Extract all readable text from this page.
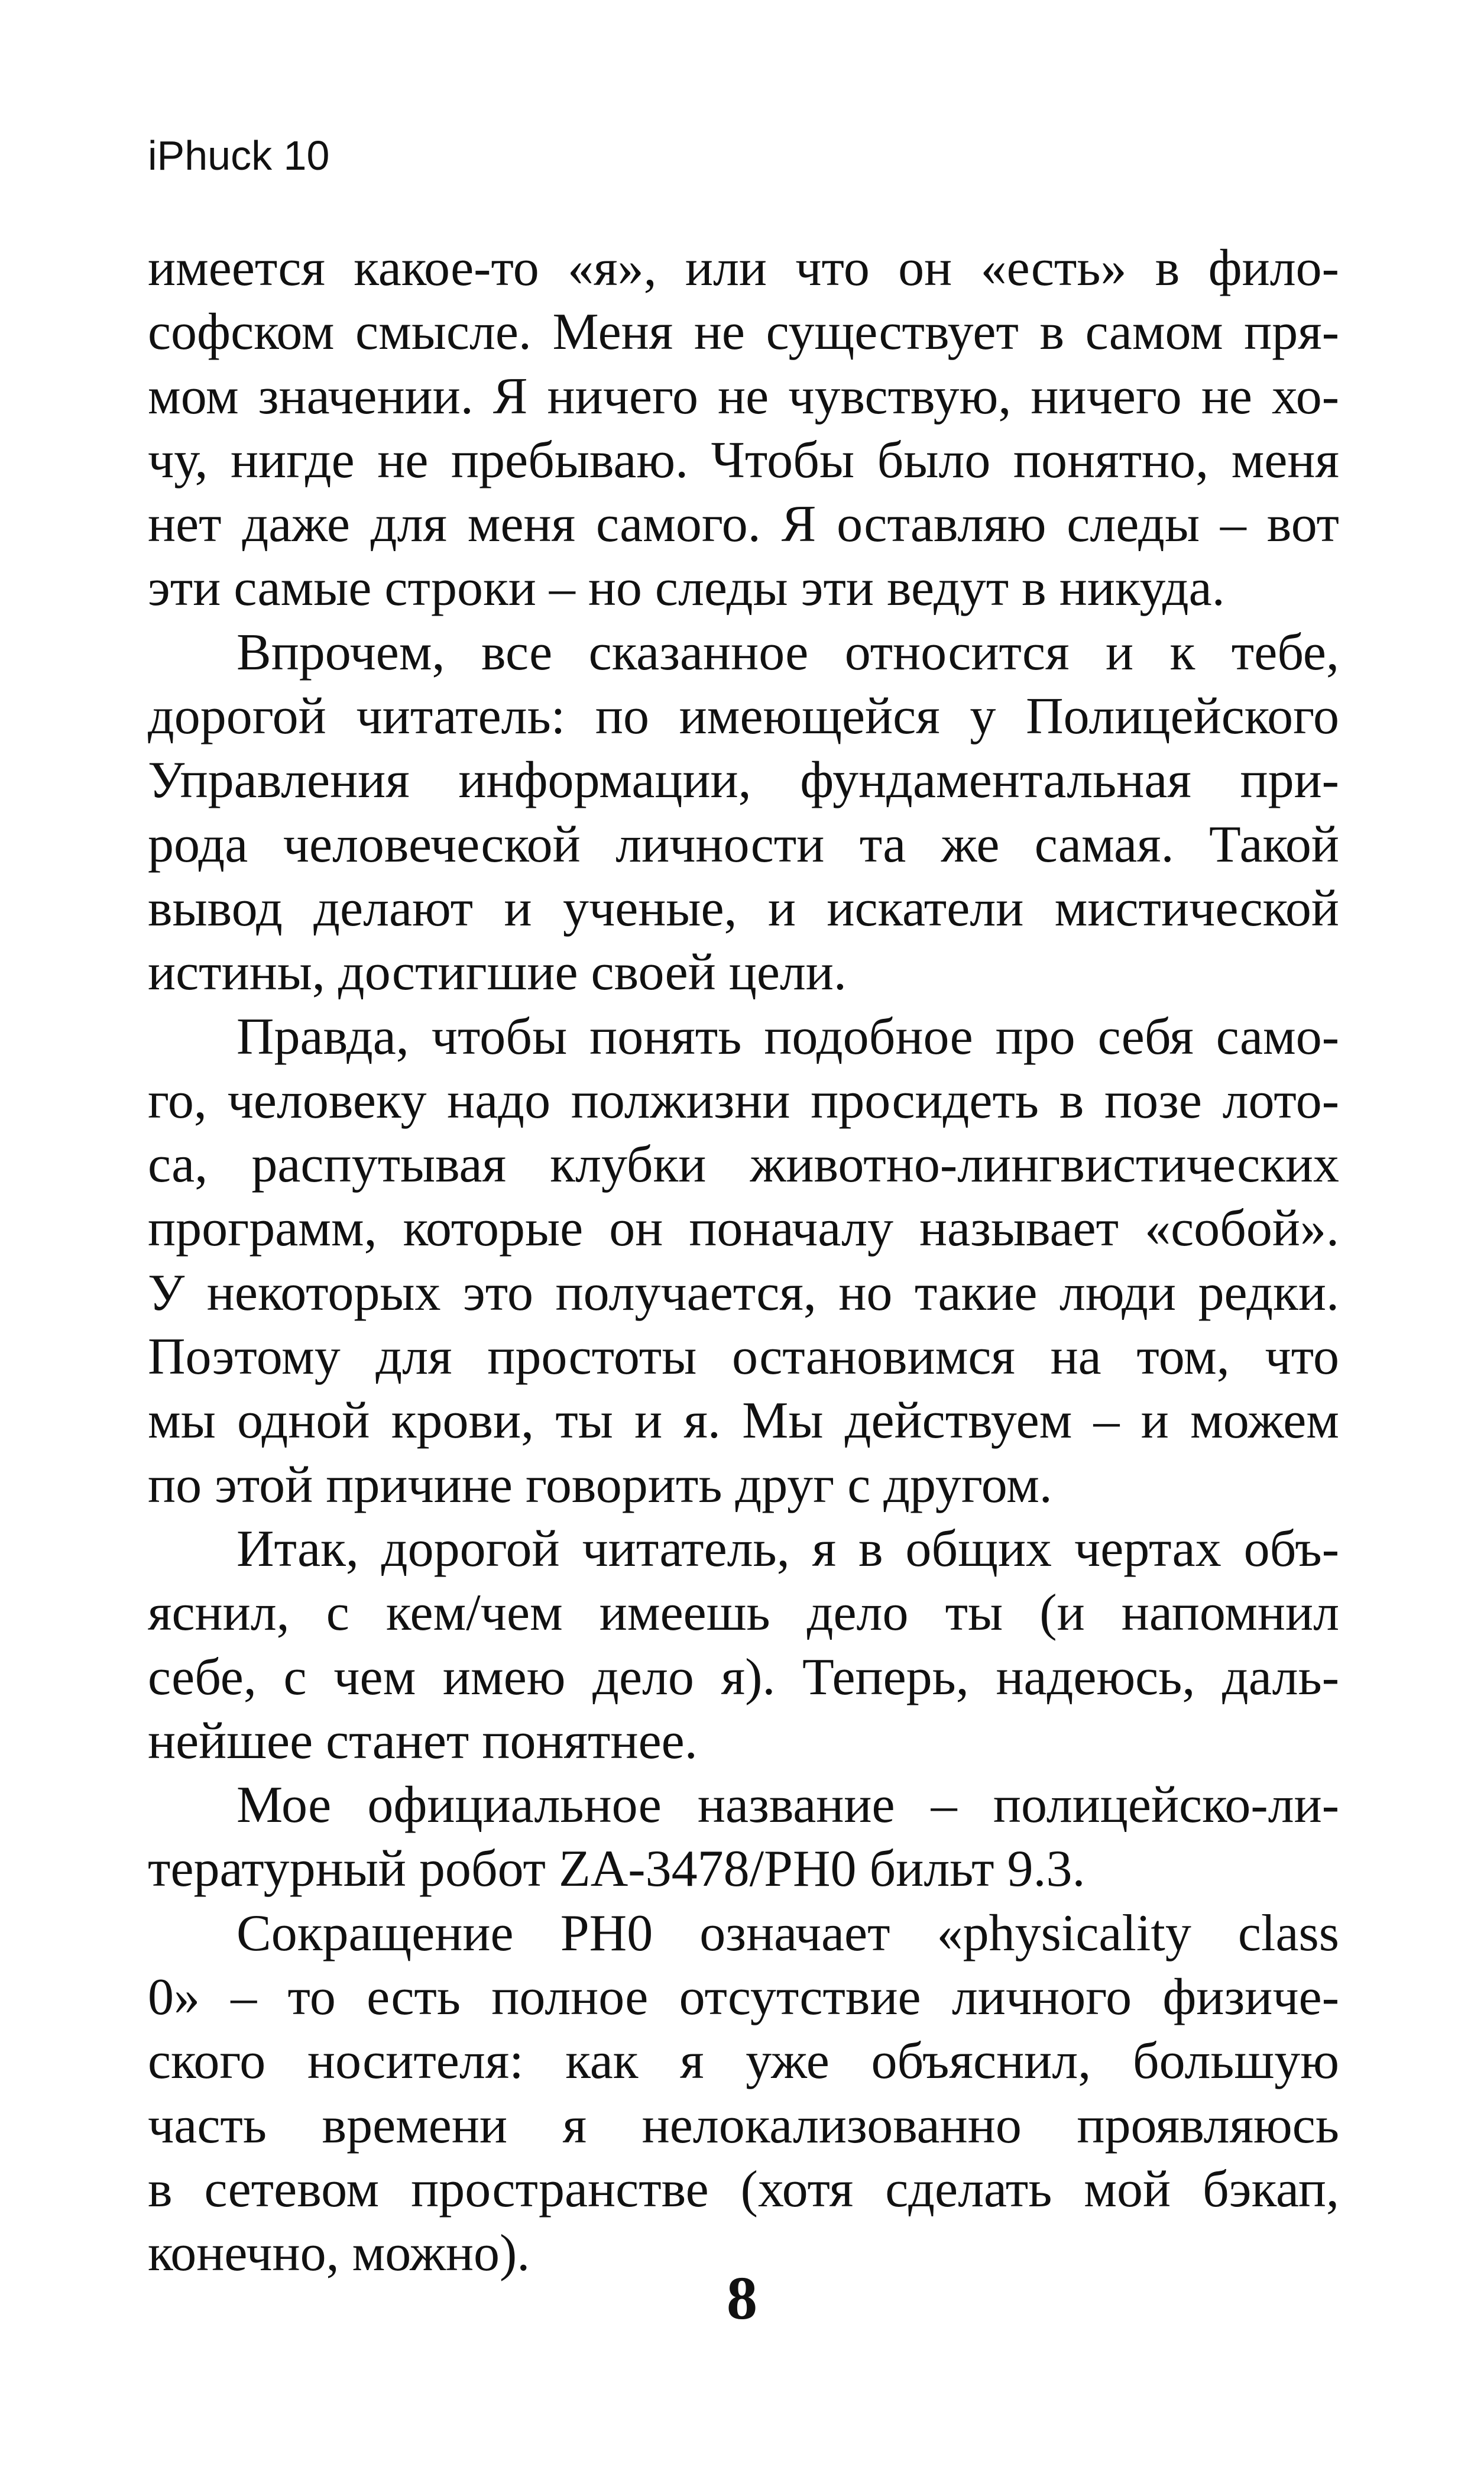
iPhuck 10
имеется какое-то «я», или что он «есть» в фило-
софском смысле. Меня не существует в самом пря-
мом значении. Я ничего не чувствую, ничего не хо-
чу, нигде не пребываю. Чтобы было понятно, меня
нет даже для меня самого. Я оставляю следы – вот
эти самые строки – но следы эти ведут в никуда.
Впрочем, все сказанное относится и к тебе,
дорогой читатель: по имеющейся у Полицейского
Управления информации, фундаментальная при-
рода человеческой личности та же самая. Такой
вывод делают и ученые, и искатели мистической
истины, достигшие своей цели.
Правда, чтобы понять подобное про себя само-
го, человеку надо полжизни просидеть в позе лото-
са, распутывая клубки животно-лингвистических
программ, которые он поначалу называет «собой».
У некоторых это получается, но такие люди редки.
Поэтому для простоты остановимся на том, что
мы одной крови, ты и я. Мы действуем – и можем
по этой причине говорить друг с другом.
Итак, дорогой читатель, я в общих чертах объ-
яснил, с кем/чем имеешь дело ты (и напомнил
себе, с чем имею дело я). Теперь, надеюсь, даль-
нейшее станет понятнее.
Мое официальное название – полицейско-ли-
тературный робот ZA-3478/PH0 бильт 9.3.
Сокращение PH0 означает «physicality class
0» – то есть полное отсутствие личного физиче-
ского носителя: как я уже объяснил, большую
часть времени я нелокализованно проявляюсь
в сетевом пространстве (хотя сделать мой бэкап,
конечно, можно).
8
